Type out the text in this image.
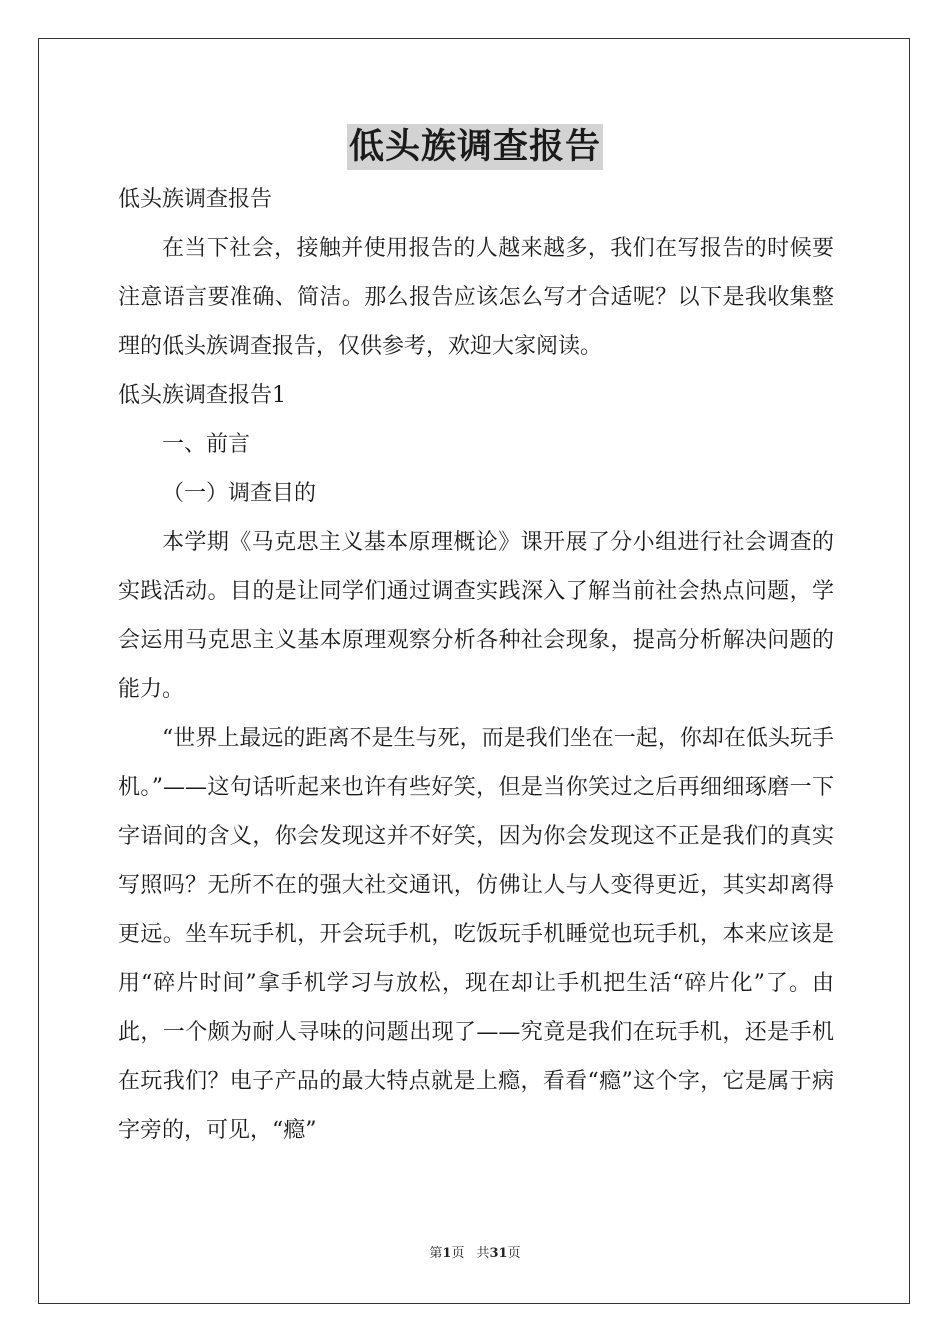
低头族调查报告

低头族调查报告

在当下社会，接触并使用报告的人越来越多，我们在写报告的时候要注意语言要准确、简洁。那么报告应该怎么写才合适呢？以下是我收集整理的低头族调查报告，仅供参考，欢迎大家阅读。

低头族调查报告1

一、前言

（一）调查目的

本学期《马克思主义基本原理概论》课开展了分小组进行社会调查的实践活动。目的是让同学们通过调查实践深入了解当前社会热点问题，学会运用马克思主义基本原理观察分析各种社会现象，提高分析解决问题的能力。

“世界上最远的距离不是生与死，而是我们坐在一起，你却在低头玩手机。”——这句话听起来也许有些好笑，但是当你笑过之后再细细琢磨一下字语间的含义，你会发现这并不好笑，因为你会发现这不正是我们的真实写照吗？无所不在的强大社交通讯，仿佛让人与人变得更近，其实却离得更远。坐车玩手机，开会玩手机，吃饭玩手机睡觉也玩手机，本来应该是用“碎片时间”拿手机学习与放松，现在却让手机把生活“碎片化”了。由此，一个颇为耐人寻味的问题出现了——究竟是我们在玩手机，还是手机在玩我们？电子产品的最大特点就是上瘾，看看“瘾”这个字，它是属于病字旁的，可见，“瘾”

第1页 共31页
